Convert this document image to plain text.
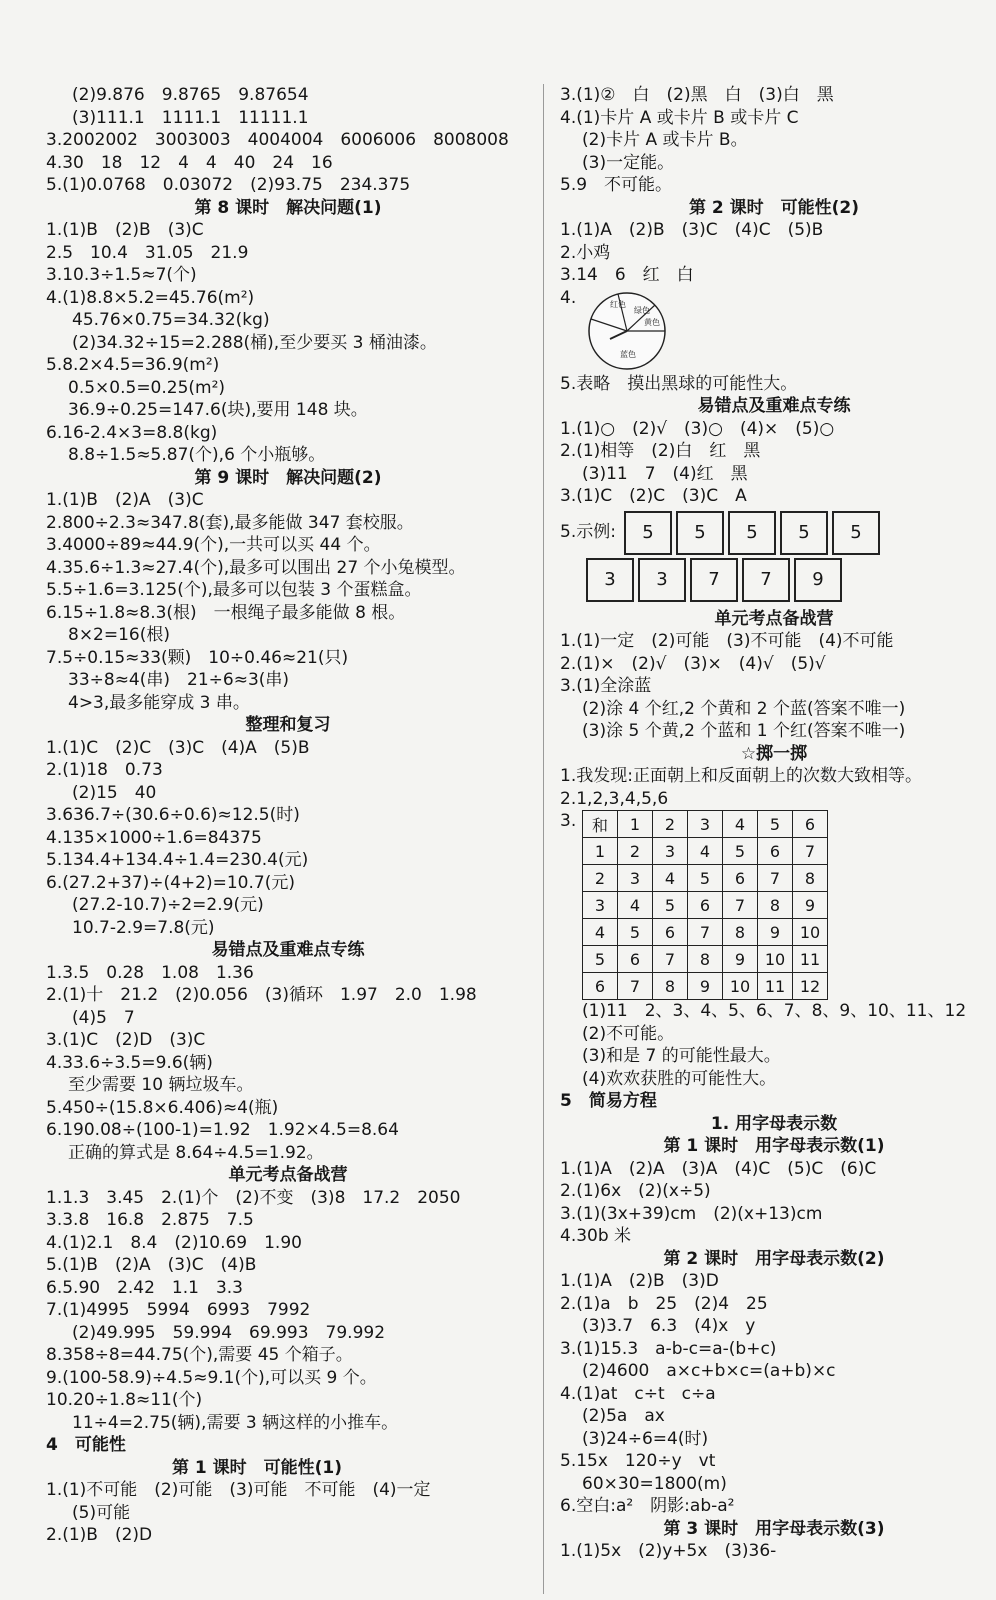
(2)9.876　9.8765　9.87654
(3)111.1　1111.1　11111.1
3.2002002　3003003　4004004　6006006　8008008
4.30　18　12　4　4　40　24　16
5.(1)0.0768　0.03072　(2)93.75　234.375
第 8 课时　解决问题(1)
1.(1)B　(2)B　(3)C
2.5　10.4　31.05　21.9
3.10.3÷1.5≈7(个)
4.(1)8.8×5.2=45.76(m²)
45.76×0.75=34.32(kg)
(2)34.32÷15=2.288(桶),至少要买 3 桶油漆。
5.8.2×4.5=36.9(m²)
0.5×0.5=0.25(m²)
36.9÷0.25=147.6(块),要用 148 块。
6.16-2.4×3=8.8(kg)
8.8÷1.5≈5.87(个),6 个小瓶够。
第 9 课时　解决问题(2)
1.(1)B　(2)A　(3)C
2.800÷2.3≈347.8(套),最多能做 347 套校服。
3.4000÷89≈44.9(个),一共可以买 44 个。
4.35.6÷1.3≈27.4(个),最多可以围出 27 个小兔模型。
5.5÷1.6=3.125(个),最多可以包装 3 个蛋糕盒。
6.15÷1.8≈8.3(根)　一根绳子最多能做 8 根。
8×2=16(根)
7.5÷0.15≈33(颗)　10÷0.46≈21(只)
33÷8≈4(串)　21÷6≈3(串)
4>3,最多能穿成 3 串。
整理和复习
1.(1)C　(2)C　(3)C　(4)A　(5)B
2.(1)18　0.73
(2)15　40
3.636.7÷(30.6÷0.6)≈12.5(时)
4.135×1000÷1.6=84375
5.134.4+134.4÷1.4=230.4(元)
6.(27.2+37)÷(4+2)=10.7(元)
(27.2-10.7)÷2=2.9(元)
10.7-2.9=7.8(元)
易错点及重难点专练
1.3.5　0.28　1.08　1.36
2.(1)十　21.2　(2)0.056　(3)循环　1.97　2.0　1.98
(4)5　7
3.(1)C　(2)D　(3)C
4.33.6÷3.5=9.6(辆)
至少需要 10 辆垃圾车。
5.450÷(15.8×6.406)≈4(瓶)
6.190.08÷(100-1)=1.92　1.92×4.5=8.64
正确的算式是 8.64÷4.5=1.92。
单元考点备战营
1.1.3　3.45　2.(1)个　(2)不变　(3)8　17.2　2050
3.3.8　16.8　2.875　7.5
4.(1)2.1　8.4　(2)10.69　1.90
5.(1)B　(2)A　(3)C　(4)B
6.5.90　2.42　1.1　3.3
7.(1)4995　5994　6993　7992
(2)49.995　59.994　69.993　79.992
8.358÷8=44.75(个),需要 45 个箱子。
9.(100-58.9)÷4.5≈9.1(个),可以买 9 个。
10.20÷1.8≈11(个)
11÷4=2.75(辆),需要 3 辆这样的小推车。
4　可能性
第 1 课时　可能性(1)
1.(1)不可能　(2)可能　(3)可能　不可能　(4)一定
(5)可能
2.(1)B　(2)D
3.(1)②　白　(2)黑　白　(3)白　黑
4.(1)卡片 A 或卡片 B 或卡片 C
(2)卡片 A 或卡片 B。
(3)一定能。
5.9　不可能。
第 2 课时　可能性(2)
1.(1)A　(2)B　(3)C　(4)C　(5)B
2.小鸡
3.14　6　红　白
4.	红色
绿色
黄色
蓝色
5.表略　摸出黑球的可能性大。
易错点及重难点专练
1.(1)○　(2)√　(3)○　(4)×　(5)○
2.(1)相等　(2)白　红　黑
(3)11　7　(4)红　黑
3.(1)C　(2)C　(3)C　A
5.示例:	5	5	5	5	5
3	3	7	7	9
单元考点备战营
1.(1)一定　(2)可能　(3)不可能　(4)不可能
2.(1)×　(2)√　(3)×　(4)√　(5)√
3.(1)全涂蓝
(2)涂 4 个红,2 个黄和 2 个蓝(答案不唯一)
(3)涂 5 个黄,2 个蓝和 1 个红(答案不唯一)
☆掷一掷
1.我发现:正面朝上和反面朝上的次数大致相等。
2.1,2,3,4,5,6
3. 和	1	2	3	4	5	6
1	2	3	4	5	6	7
2	3	4	5	6	7	8
3	4	5	6	7	8	9
4	5	6	7	8	9	10
5	6	7	8	9	10	11
6	7	8	9	10	11	12
(1)11　2、3、4、5、6、7、8、9、10、11、12
(2)不可能。
(3)和是 7 的可能性最大。
(4)欢欢获胜的可能性大。
5　简易方程
1. 用字母表示数
第 1 课时　用字母表示数(1)
1.(1)A　(2)A　(3)A　(4)C　(5)C　(6)C
2.(1)6x　(2)(x÷5)
3.(1)(3x+39)cm　(2)(x+13)cm
4.30b 米
第 2 课时　用字母表示数(2)
1.(1)A　(2)B　(3)D
2.(1)a　b　25　(2)4　25
(3)3.7　6.3　(4)x　y
3.(1)15.3　a-b-c=a-(b+c)
(2)4600　a×c+b×c=(a+b)×c
4.(1)at　c÷t　c÷a
(2)5a　ax
(3)24÷6=4(时)
5.15x　120÷y　vt
60×30=1800(m)
6.空白:a²　阴影:ab-a²
第 3 课时　用字母表示数(3)
1.(1)5x　(2)y+5x　(3)36-
